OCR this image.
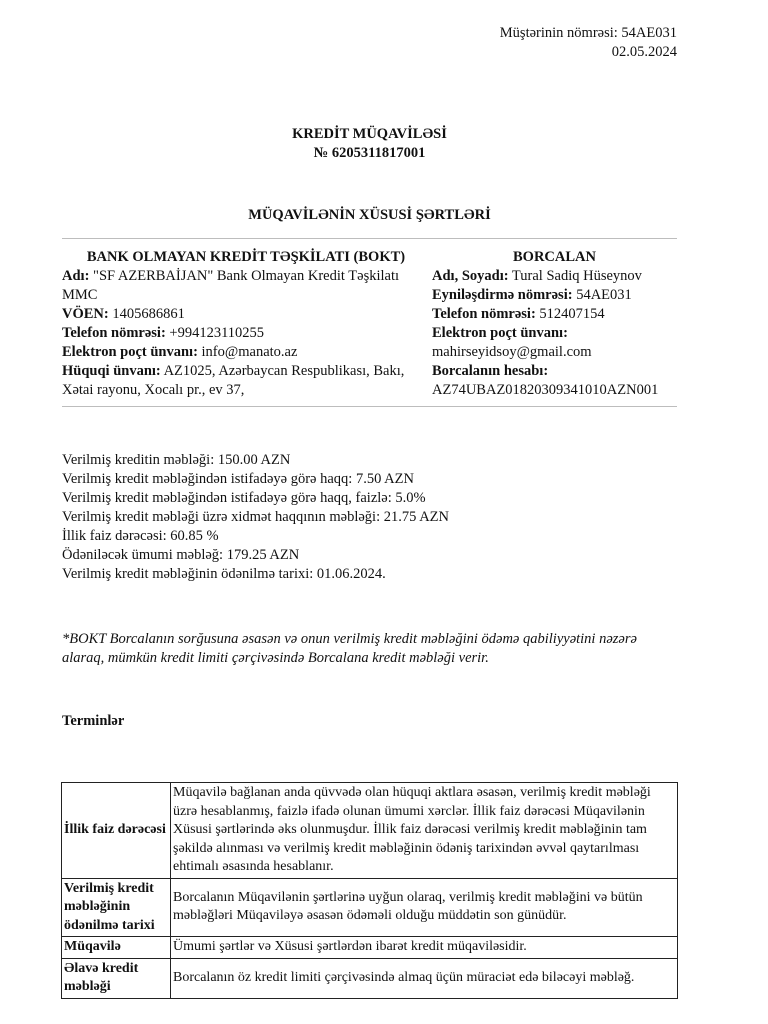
Müştərinin nömrəsi: 54AE031
02.05.2024
KREDİT MÜQAVİLƏSİ
№ 6205311817001
MÜQAVİLƏNİN XÜSUSİ ŞƏRTLƏRİ
BANK OLMAYAN KREDİT TƏŞKİLATI (BOKT)
Adı: "SF AZERBAİJAN" Bank Olmayan Kredit Təşkilatı MMC
VÖEN: 1405686861
Telefon nömrəsi: +994123110255
Elektron poçt ünvanı: info@manato.az
Hüquqi ünvanı: AZ1025, Azərbaycan Respublikası, Bakı, Xətai rayonu, Xocalı pr., ev 37,
BORCALAN
Adı, Soyadı: Tural Sadiq Hüseynov
Eyniləşdirmə nömrəsi: 54AE031
Telefon nömrəsi: 512407154
Elektron poçt ünvanı:
mahirseyidsoy@gmail.com
Borcalanın hesabı:
AZ74UBAZ01820309341010AZN001
Verilmiş kreditin məbləği: 150.00 AZN
Verilmiş kredit məbləğindən istifadəyə görə haqq: 7.50 AZN
Verilmiş kredit məbləğindən istifadəyə görə haqq, faizlə: 5.0%
Verilmiş kredit məbləği üzrə xidmət haqqının məbləği: 21.75 AZN
İllik faiz dərəcəsi: 60.85 %
Ödəniləcək ümumi məbləğ: 179.25 AZN
Verilmiş kredit məbləğinin ödənilmə tarixi: 01.06.2024.
*BOKT Borcalanın sorğusuna əsasən və onun verilmiş kredit məbləğini ödəmə qabiliyyətini nəzərə alaraq, mümkün kredit limiti çərçivəsində Borcalana kredit məbləği verir.
Terminlər
İllik faiz dərəcəsi	Müqavilə bağlanan anda qüvvədə olan hüquqi aktlara əsasən, verilmiş kredit məbləği üzrə hesablanmış, faizlə ifadə olunan ümumi xərclər. İllik faiz dərəcəsi Müqavilənin Xüsusi şərtlərində əks olunmuşdur. İllik faiz dərəcəsi verilmiş kredit məbləğinin tam şəkildə alınması və verilmiş kredit məbləğinin ödəniş tarixindən əvvəl qaytarılması ehtimalı əsasında hesablanır.
Verilmiş kredit məbləğinin ödənilmə tarixi	Borcalanın Müqavilənin şərtlərinə uyğun olaraq, verilmiş kredit məbləğini və bütün məbləğləri Müqaviləyə əsasən ödəməli olduğu müddətin son günüdür.
Müqavilə	Ümumi şərtlər və Xüsusi şərtlərdən ibarət kredit müqaviləsidir.
Əlavə kredit məbləği	Borcalanın öz kredit limiti çərçivəsində almaq üçün müraciət edə biləcəyi məbləğ.
